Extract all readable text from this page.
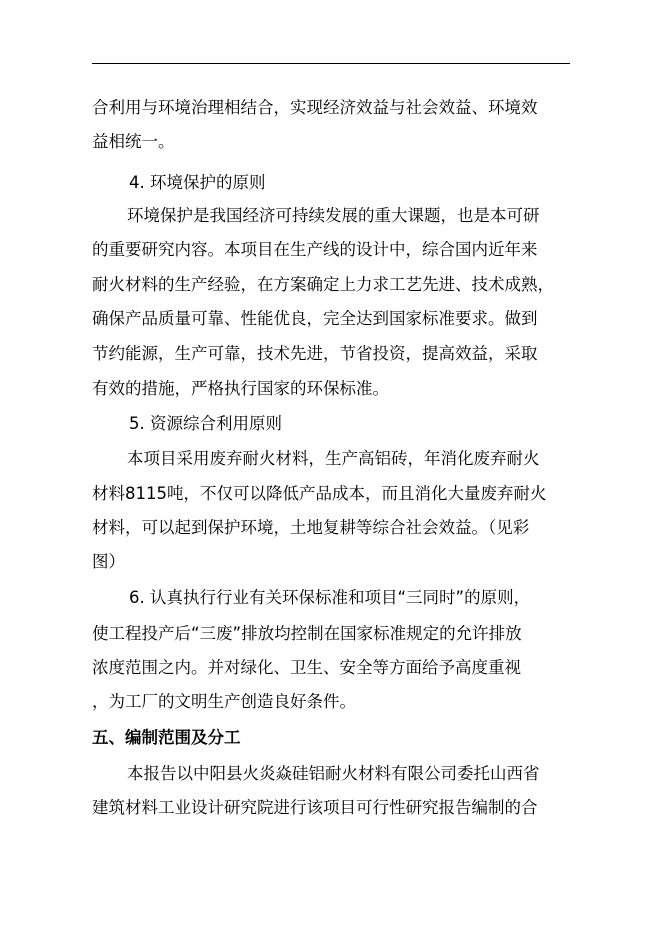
合利用与环境治理相结合，实现经济效益与社会效益、环境效
益相统一。
4. 环境保护的原则
环境保护是我国经济可持续发展的重大课题，也是本可研
的重要研究内容。本项目在生产线的设计中，综合国内近年来
耐火材料的生产经验，在方案确定上力求工艺先进、技术成熟，
确保产品质量可靠、性能优良，完全达到国家标准要求。做到
节约能源，生产可靠，技术先进，节省投资，提高效益，采取
有效的措施，严格执行国家的环保标准。
5. 资源综合利用原则
本项目采用废弃耐火材料，生产高铝砖，年消化废弃耐火
材料8115吨，不仅可以降低产品成本，而且消化大量废弃耐火
材料，可以起到保护环境，土地复耕等综合社会效益。（见彩
图）
6. 认真执行行业有关环保标准和项目“三同时”的原则，
使工程投产后“三废”排放均控制在国家标准规定的允许排放
浓度范围之内。并对绿化、卫生、安全等方面给予高度重视
，为工厂的文明生产创造良好条件。
五、编制范围及分工
本报告以中阳县火炎焱硅铝耐火材料有限公司委托山西省
建筑材料工业设计研究院进行该项目可行性研究报告编制的合
